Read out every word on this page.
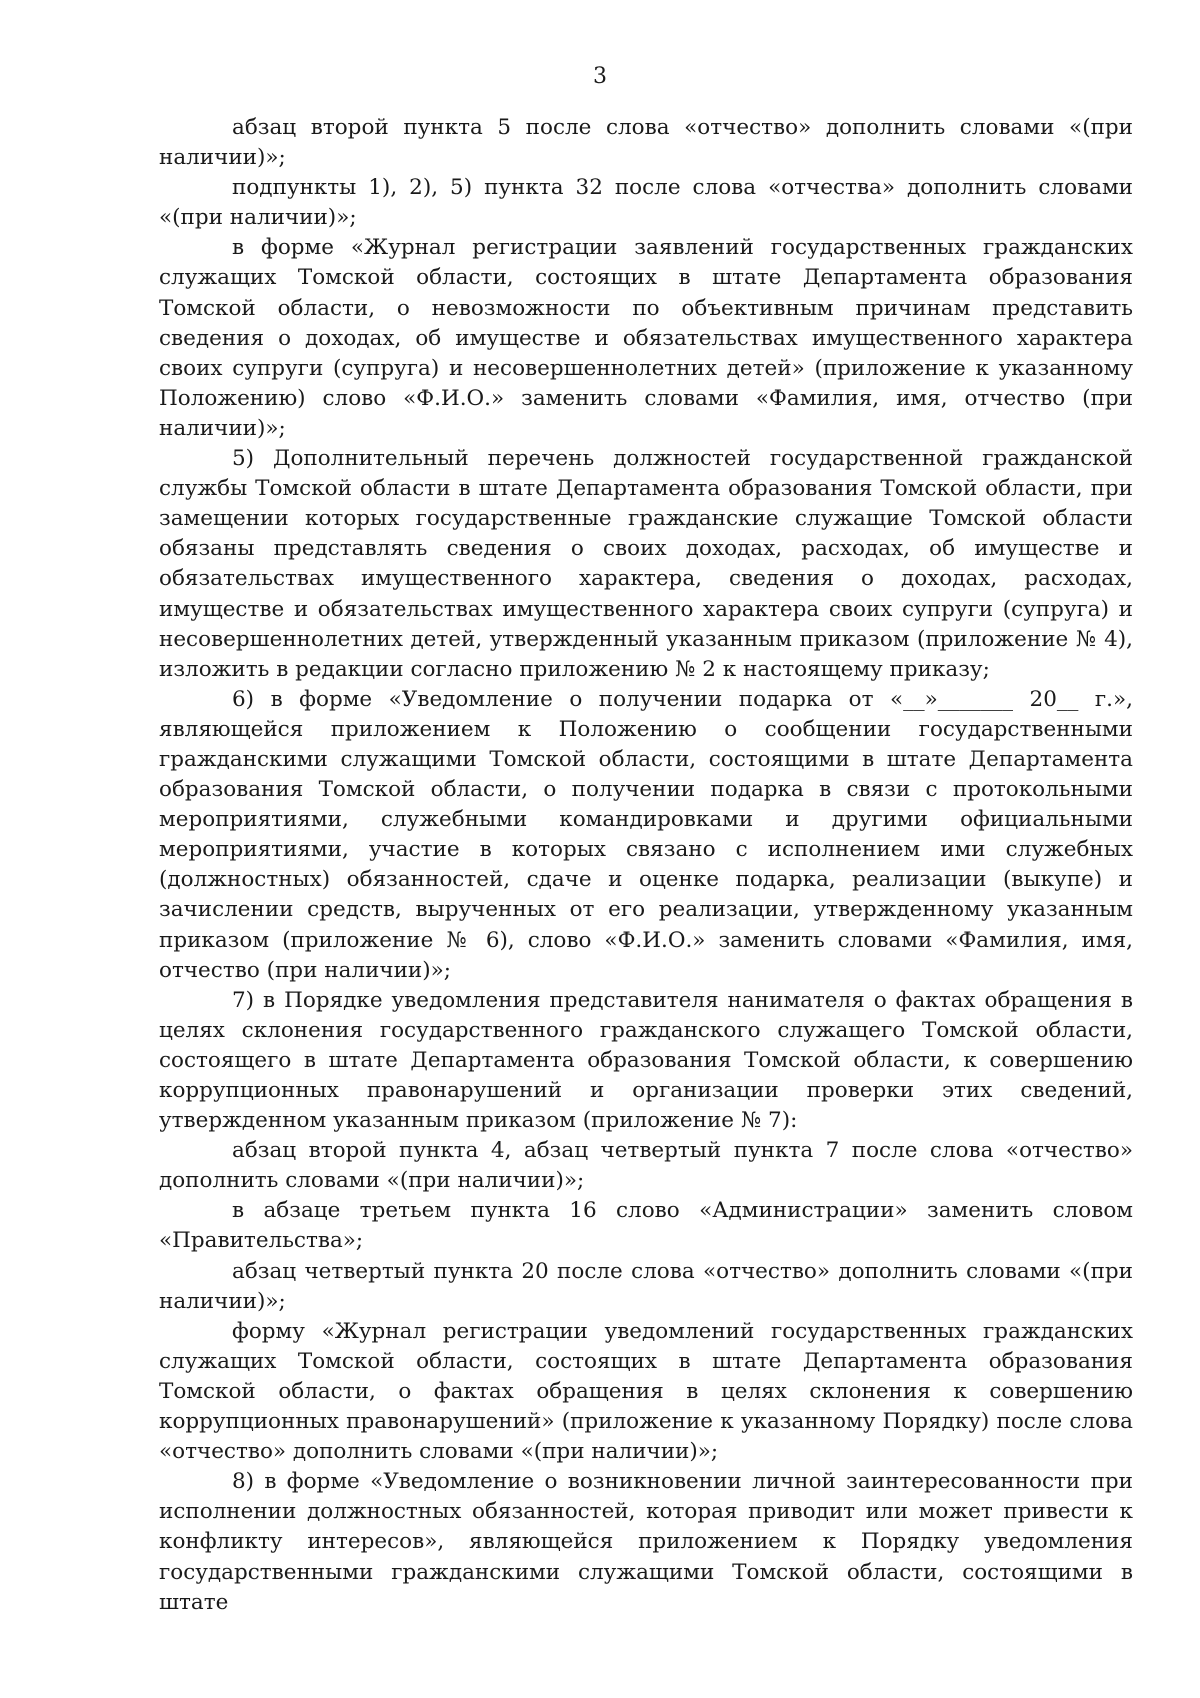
3

абзац второй пункта 5 после слова «отчество» дополнить словами «(при наличии)»;

подпункты 1), 2), 5) пункта 32 после слова «отчества» дополнить словами «(при наличии)»;

в форме «Журнал регистрации заявлений государственных гражданских служащих Томской области, состоящих в штате Департамента образования Томской области, о невозможности по объективным причинам представить сведения о доходах, об имуществе и обязательствах имущественного характера своих супруги (супруга) и несовершеннолетних детей» (приложение к указанному Положению) слово «Ф.И.О.» заменить словами «Фамилия, имя, отчество (при наличии)»;

5) Дополнительный перечень должностей государственной гражданской службы Томской области в штате Департамента образования Томской области, при замещении которых государственные гражданские служащие Томской области обязаны представлять сведения о своих доходах, расходах, об имуществе и обязательствах имущественного характера, сведения о доходах, расходах, имуществе и обязательствах имущественного характера своих супруги (супруга) и несовершеннолетних детей, утвержденный указанным приказом (приложение № 4), изложить в редакции согласно приложению № 2 к настоящему приказу;

6) в форме «Уведомление о получении подарка от «__»_______ 20__ г.», являющейся приложением к Положению о сообщении государственными гражданскими служащими Томской области, состоящими в штате Департамента образования Томской области, о получении подарка в связи с протокольными мероприятиями, служебными командировками и другими официальными мероприятиями, участие в которых связано с исполнением ими служебных (должностных) обязанностей, сдаче и оценке подарка, реализации (выкупе) и зачислении средств, вырученных от его реализации, утвержденному указанным приказом (приложение № 6), слово «Ф.И.О.» заменить словами «Фамилия, имя, отчество (при наличии)»;

7) в Порядке уведомления представителя нанимателя о фактах обращения в целях склонения государственного гражданского служащего Томской области, состоящего в штате Департамента образования Томской области, к совершению коррупционных правонарушений и организации проверки этих сведений, утвержденном указанным приказом (приложение № 7):

абзац второй пункта 4, абзац четвертый пункта 7 после слова «отчество» дополнить словами «(при наличии)»;

в абзаце третьем пункта 16 слово «Администрации» заменить словом «Правительства»;

абзац четвертый пункта 20 после слова «отчество» дополнить словами «(при наличии)»;

форму «Журнал регистрации уведомлений государственных гражданских служащих Томской области, состоящих в штате Департамента образования Томской области, о фактах обращения в целях склонения к совершению коррупционных правонарушений» (приложение к указанному Порядку) после слова «отчество» дополнить словами «(при наличии)»;

8) в форме «Уведомление о возникновении личной заинтересованности при исполнении должностных обязанностей, которая приводит или может привести к конфликту интересов», являющейся приложением к Порядку уведомления государственными гражданскими служащими Томской области, состоящими в штате
